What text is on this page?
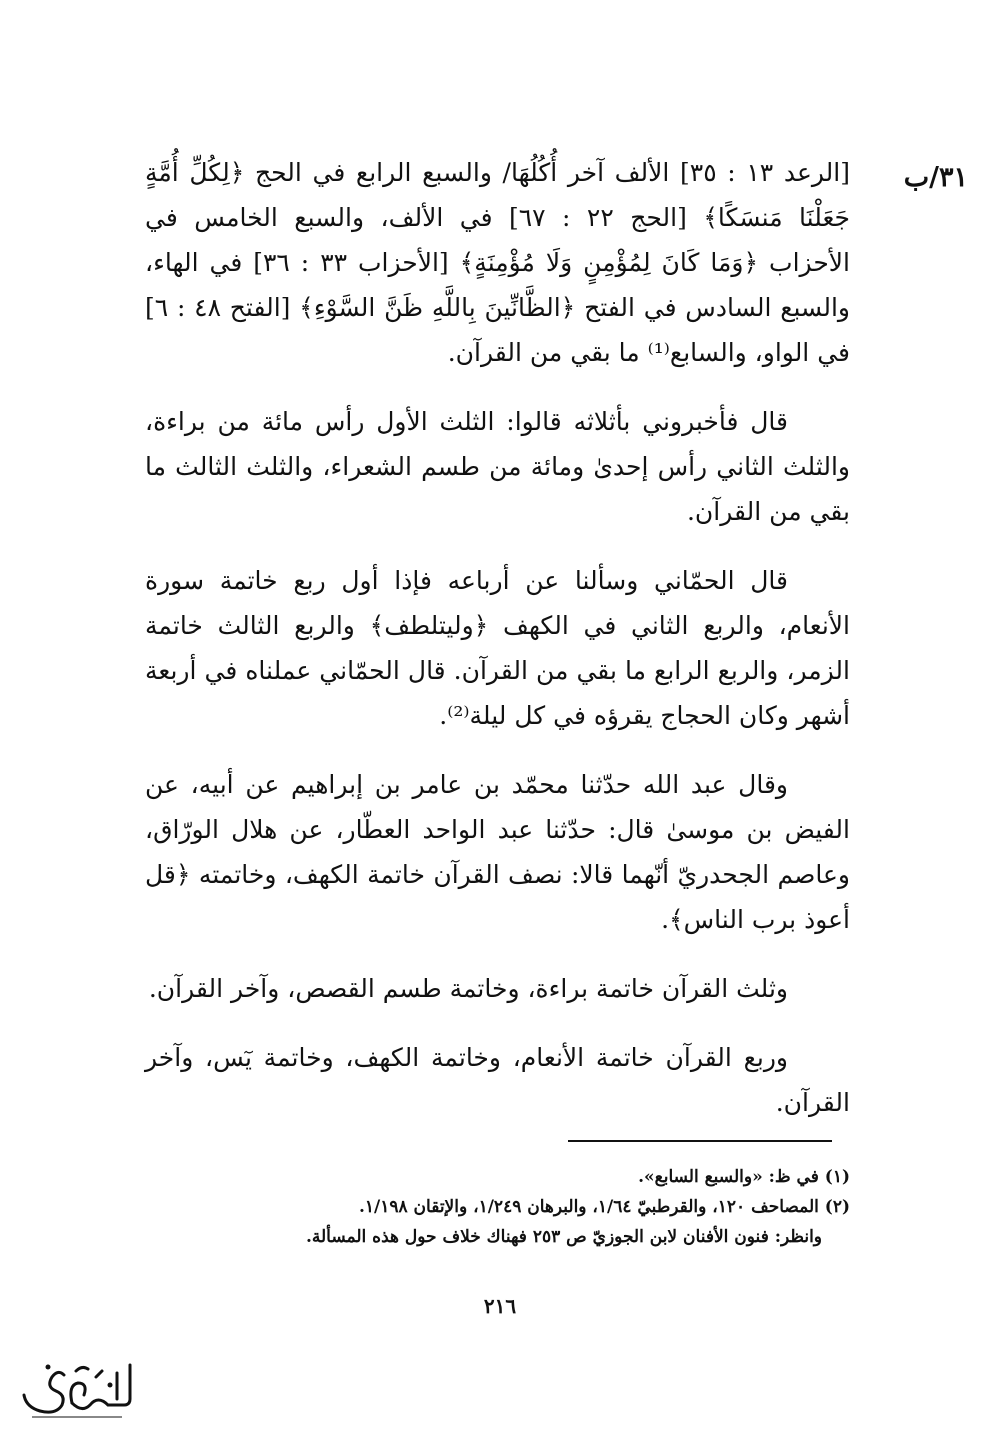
٣١/ب

[الرعد ١٣ : ٣٥] الألف آخر أُكُلُهَا/ والسبع الرابع في الحج ﴿لِكُلِّ أُمَّةٍ جَعَلْنَا مَنسَكًا﴾ [الحج ٢٢ : ٦٧] في الألف، والسبع الخامس في الأحزاب ﴿وَمَا كَانَ لِمُؤْمِنٍ وَلَا مُؤْمِنَةٍ﴾ [الأحزاب ٣٣ : ٣٦] في الهاء، والسبع السادس في الفتح ﴿الظَّانِّينَ بِاللَّهِ ظَنَّ السَّوْءِ﴾ [الفتح ٤٨ : ٦] في الواو، والسابع⁽¹⁾ ما بقي من القرآن.

قال فأخبروني بأثلاثه قالوا: الثلث الأول رأس مائة من براءة، والثلث الثاني رأس إحدىٰ ومائة من طسم الشعراء، والثلث الثالث ما بقي من القرآن.

قال الحمّاني وسألنا عن أرباعه فإذا أول ربع خاتمة سورة الأنعام، والربع الثاني في الكهف ﴿وليتلطف﴾ والربع الثالث خاتمة الزمر، والربع الرابع ما بقي من القرآن. قال الحمّاني عملناه في أربعة أشهر وكان الحجاج يقرؤه في كل ليلة⁽²⁾.

وقال عبد الله حدّثنا محمّد بن عامر بن إبراهيم عن أبيه، عن الفيض بن موسىٰ قال: حدّثنا عبد الواحد العطّار، عن هلال الورّاق، وعاصم الجحدريّ أنّهما قالا: نصف القرآن خاتمة الكهف، وخاتمته ﴿قل أعوذ برب الناس﴾.

وثلث القرآن خاتمة براءة، وخاتمة طسم القصص، وآخر القرآن.

وربع القرآن خاتمة الأنعام، وخاتمة الكهف، وخاتمة يٓس، وآخر القرآن.

(١) في ظ: «والسبع السابع».

(٢) المصاحف ١٢٠، والقرطبيّ ١/٦٤، والبرهان ١/٢٤٩، والإتقان ١/١٩٨.

وانظر: فنون الأفنان لابن الجوزيّ ص ٢٥٣ فهناك خلاف حول هذه المسألة.

٢١٦
